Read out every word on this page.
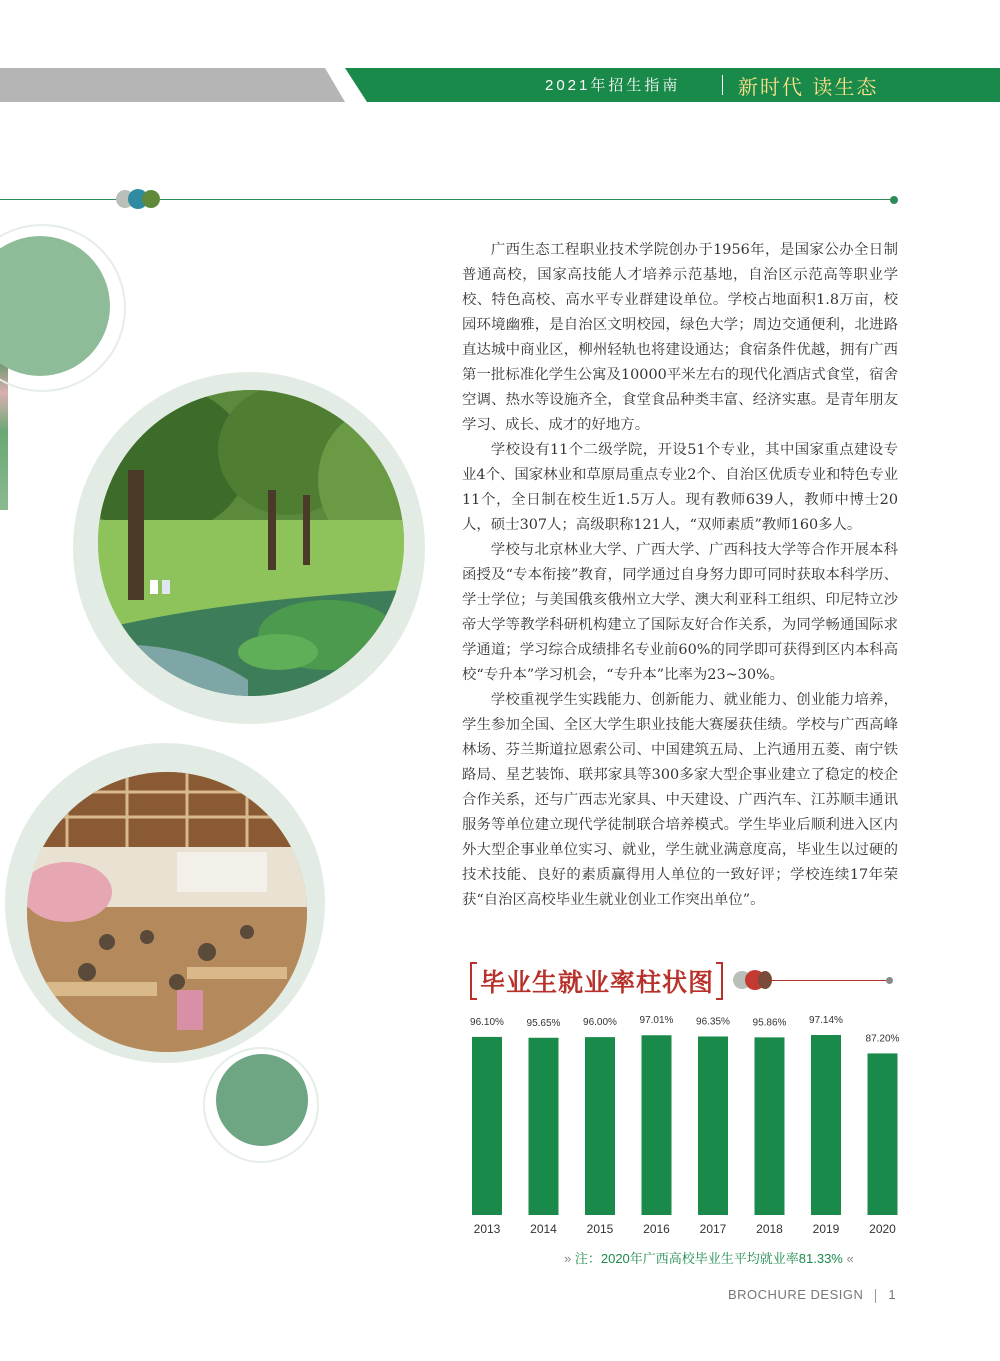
2021年招生指南	新时代 读生态

广西生态工程职业技术学院创办于1956年，是国家公办全日制普通高校，国家高技能人才培养示范基地，自治区示范高等职业学校、特色高校、高水平专业群建设单位。学校占地面积1.8万亩，校园环境幽雅，是自治区文明校园，绿色大学；周边交通便利，北进路直达城中商业区，柳州轻轨也将建设通达；食宿条件优越，拥有广西第一批标准化学生公寓及10000平米左右的现代化酒店式食堂，宿舍空调、热水等设施齐全，食堂食品种类丰富、经济实惠。是青年朋友学习、成长、成才的好地方。

学校设有11个二级学院，开设51个专业，其中国家重点建设专业4个、国家林业和草原局重点专业2个、自治区优质专业和特色专业11个，全日制在校生近1.5万人。现有教师639人，教师中博士20人，硕士307人；高级职称121人，“双师素质”教师160多人。

学校与北京林业大学、广西大学、广西科技大学等合作开展本科函授及“专本衔接”教育，同学通过自身努力即可同时获取本科学历、学士学位；与美国俄亥俄州立大学、澳大利亚科工组织、印尼特立沙帝大学等教学科研机构建立了国际友好合作关系，为同学畅通国际求学通道；学习综合成绩排名专业前60%的同学即可获得到区内本科高校“专升本”学习机会，“专升本”比率为23~30%。

学校重视学生实践能力、创新能力、就业能力、创业能力培养，学生参加全国、全区大学生职业技能大赛屡获佳绩。学校与广西高峰林场、芬兰斯道拉恩索公司、中国建筑五局、上汽通用五菱、南宁铁路局、星艺装饰、联邦家具等300多家大型企事业建立了稳定的校企合作关系，还与广西志光家具、中天建设、广西汽车、江苏顺丰通讯服务等单位建立现代学徒制联合培养模式。学生毕业后顺利进入区内外大型企事业单位实习、就业，学生就业满意度高，毕业生以过硬的技术技能、良好的素质赢得用人单位的一致好评；学校连续17年荣获“自治区高校毕业生就业创业工作突出单位”。

毕业生就业率柱状图
96.10%
2013
95.65%
2014
96.00%
2015
97.01%
2016
96.35%
2017
95.86%
2018
97.14%
2019
87.20%
2020
» 注：2020年广西高校毕业生平均就业率81.33% «
BROCHURE DESIGN 1
